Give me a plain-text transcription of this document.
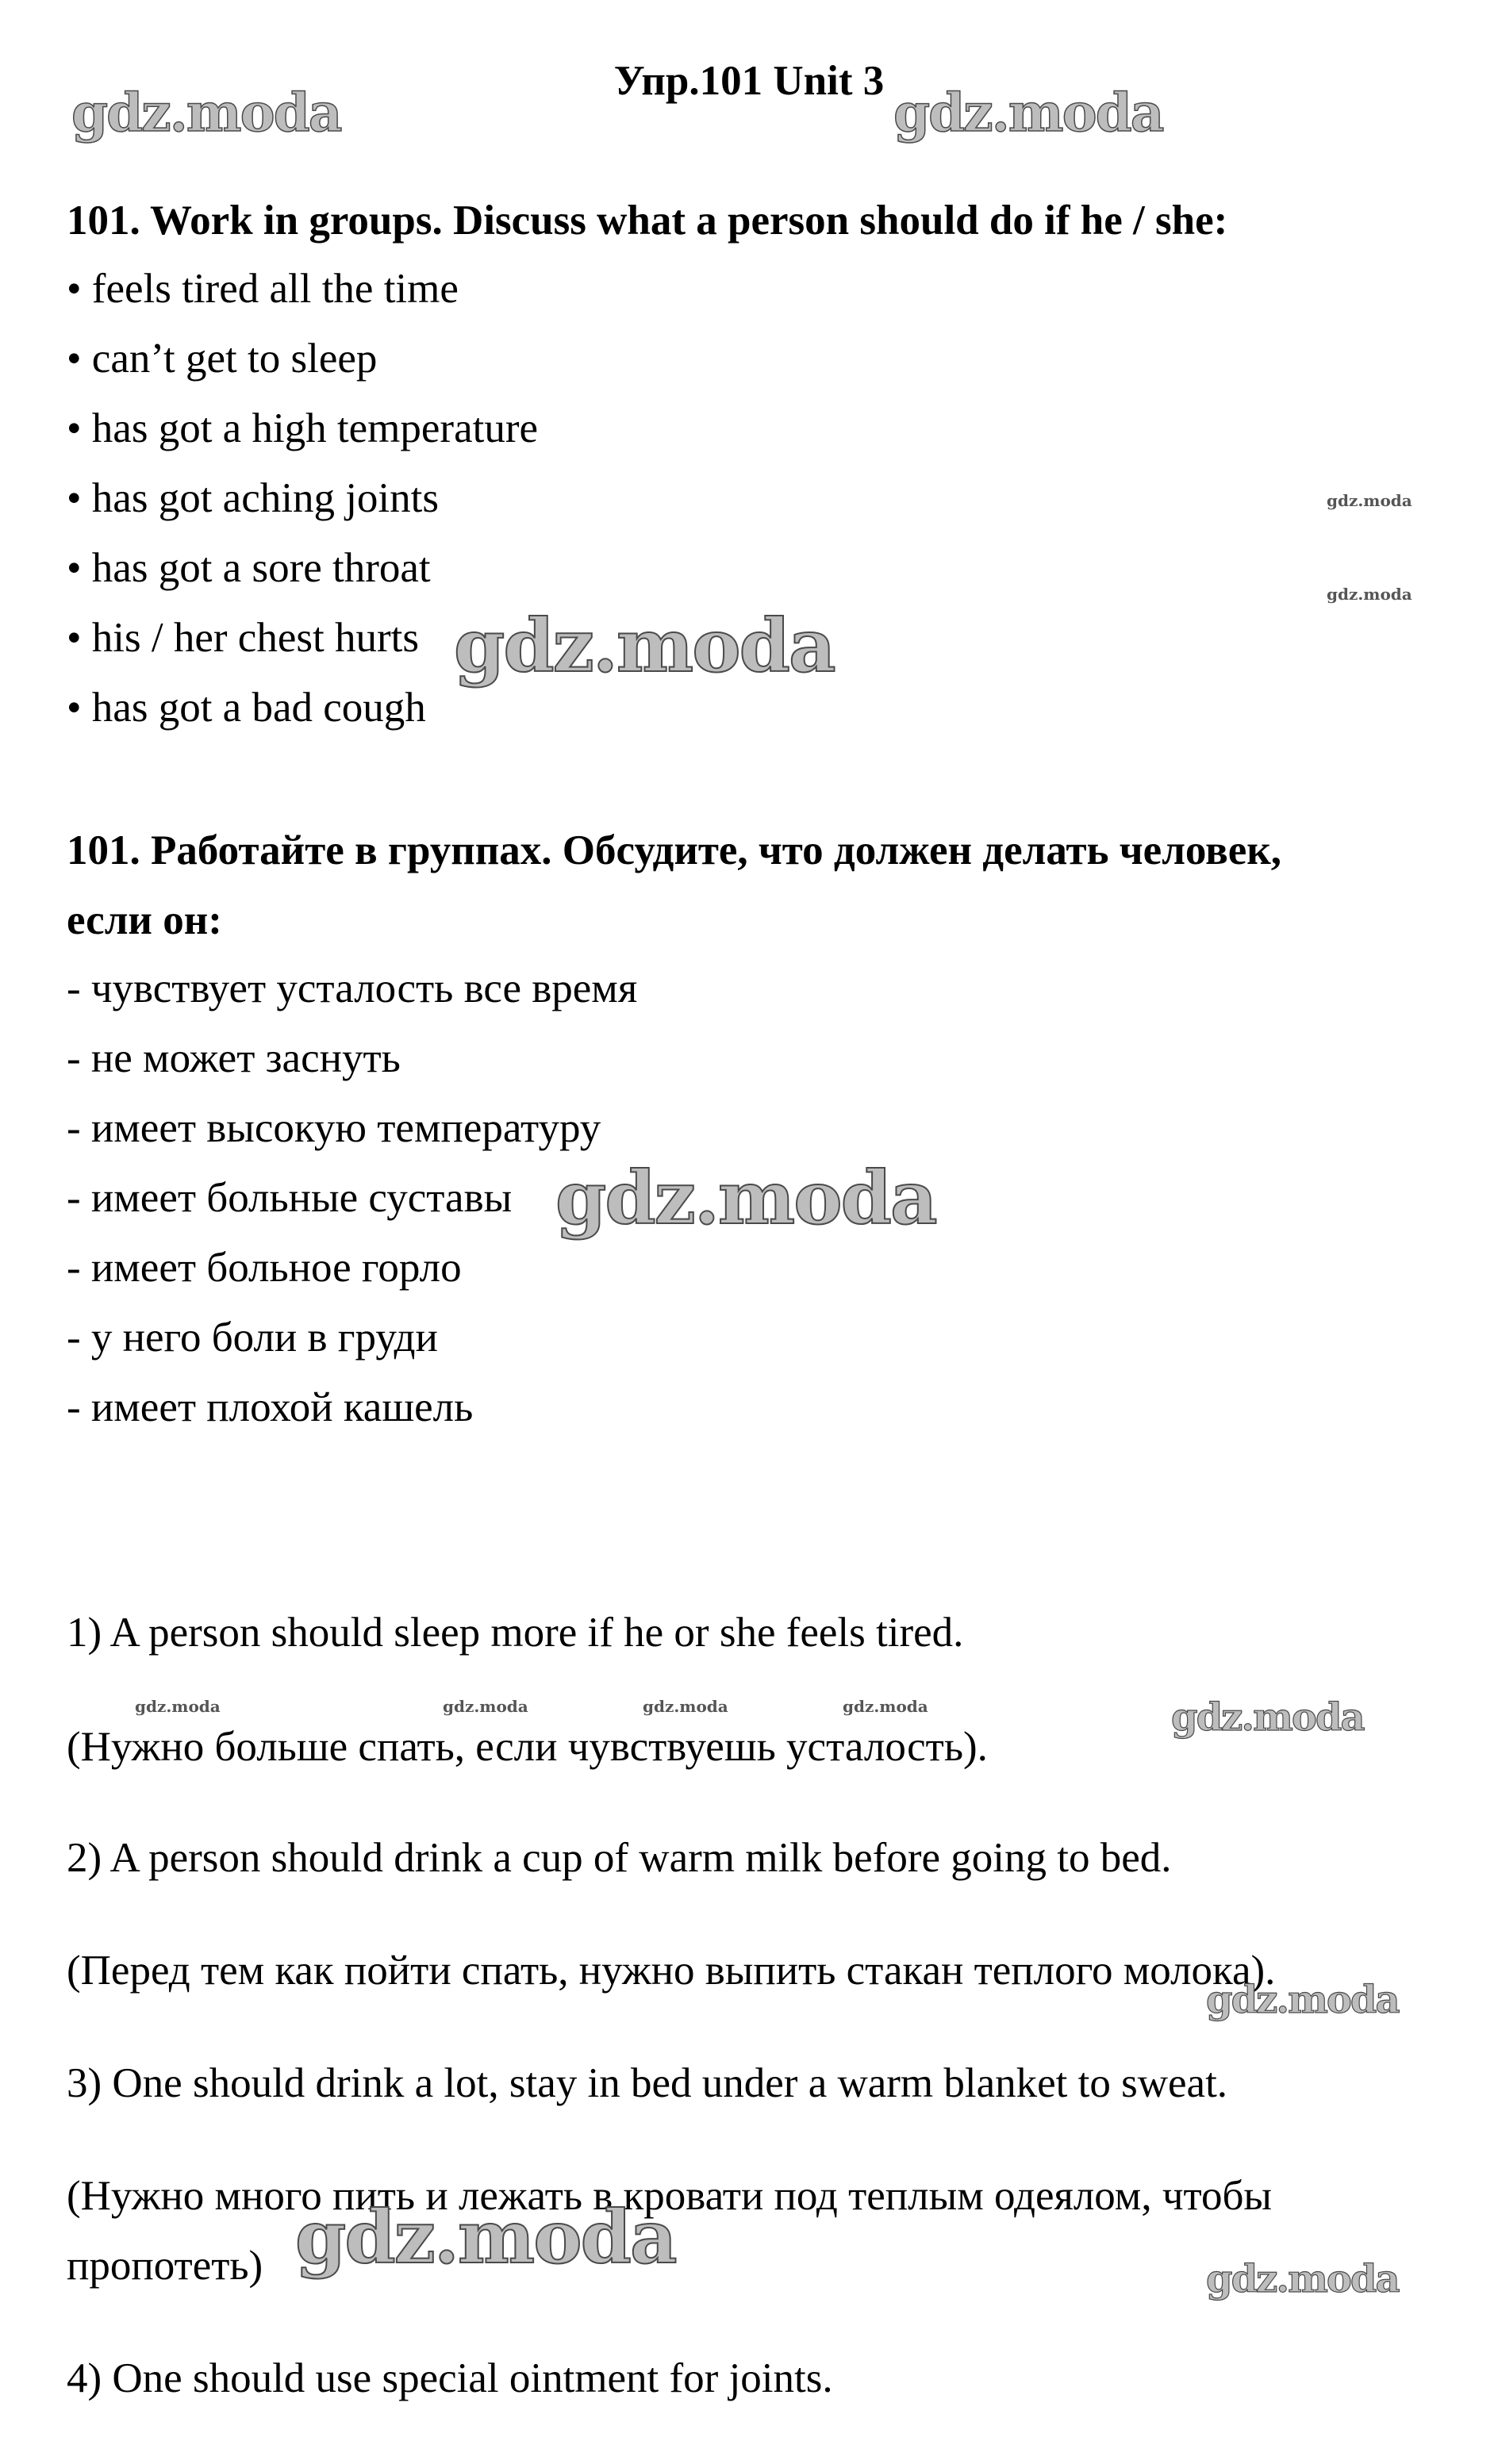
Упр.101 Unit 3

101. Work in groups. Discuss what a person should do if he / she:

• feels tired all the time

• can’t get to sleep

• has got a high temperature

• has got aching joints

• has got a sore throat

• his / her chest hurts

• has got a bad cough

101. Работайте в группах. Обсудите, что должен делать человек,

если он:

- чувствует усталость все время

- не может заснуть

- имеет высокую температуру

- имеет больные суставы

- имеет больное горло

- у него боли в груди

- имеет плохой кашель

1) A person should sleep more if he or she feels tired.

(Нужно больше спать, если чувствуешь усталость).

2) A person should drink a cup of warm milk before going to bed.

(Перед тем как пойти спать, нужно выпить стакан теплого молока).

3) One should drink a lot, stay in bed under a warm blanket to sweat.

(Нужно много пить и лежать в кровати под теплым одеялом, чтобы

пропотеть)

4) One should use special ointment for joints.

gdz.moda	gdz.moda
gdz.moda
gdz.moda
gdz.moda
gdz.moda
gdz.moda	gdz.moda	gdz.moda	gdz.moda	gdz.moda
gdz.moda
gdz.moda	gdz.moda
